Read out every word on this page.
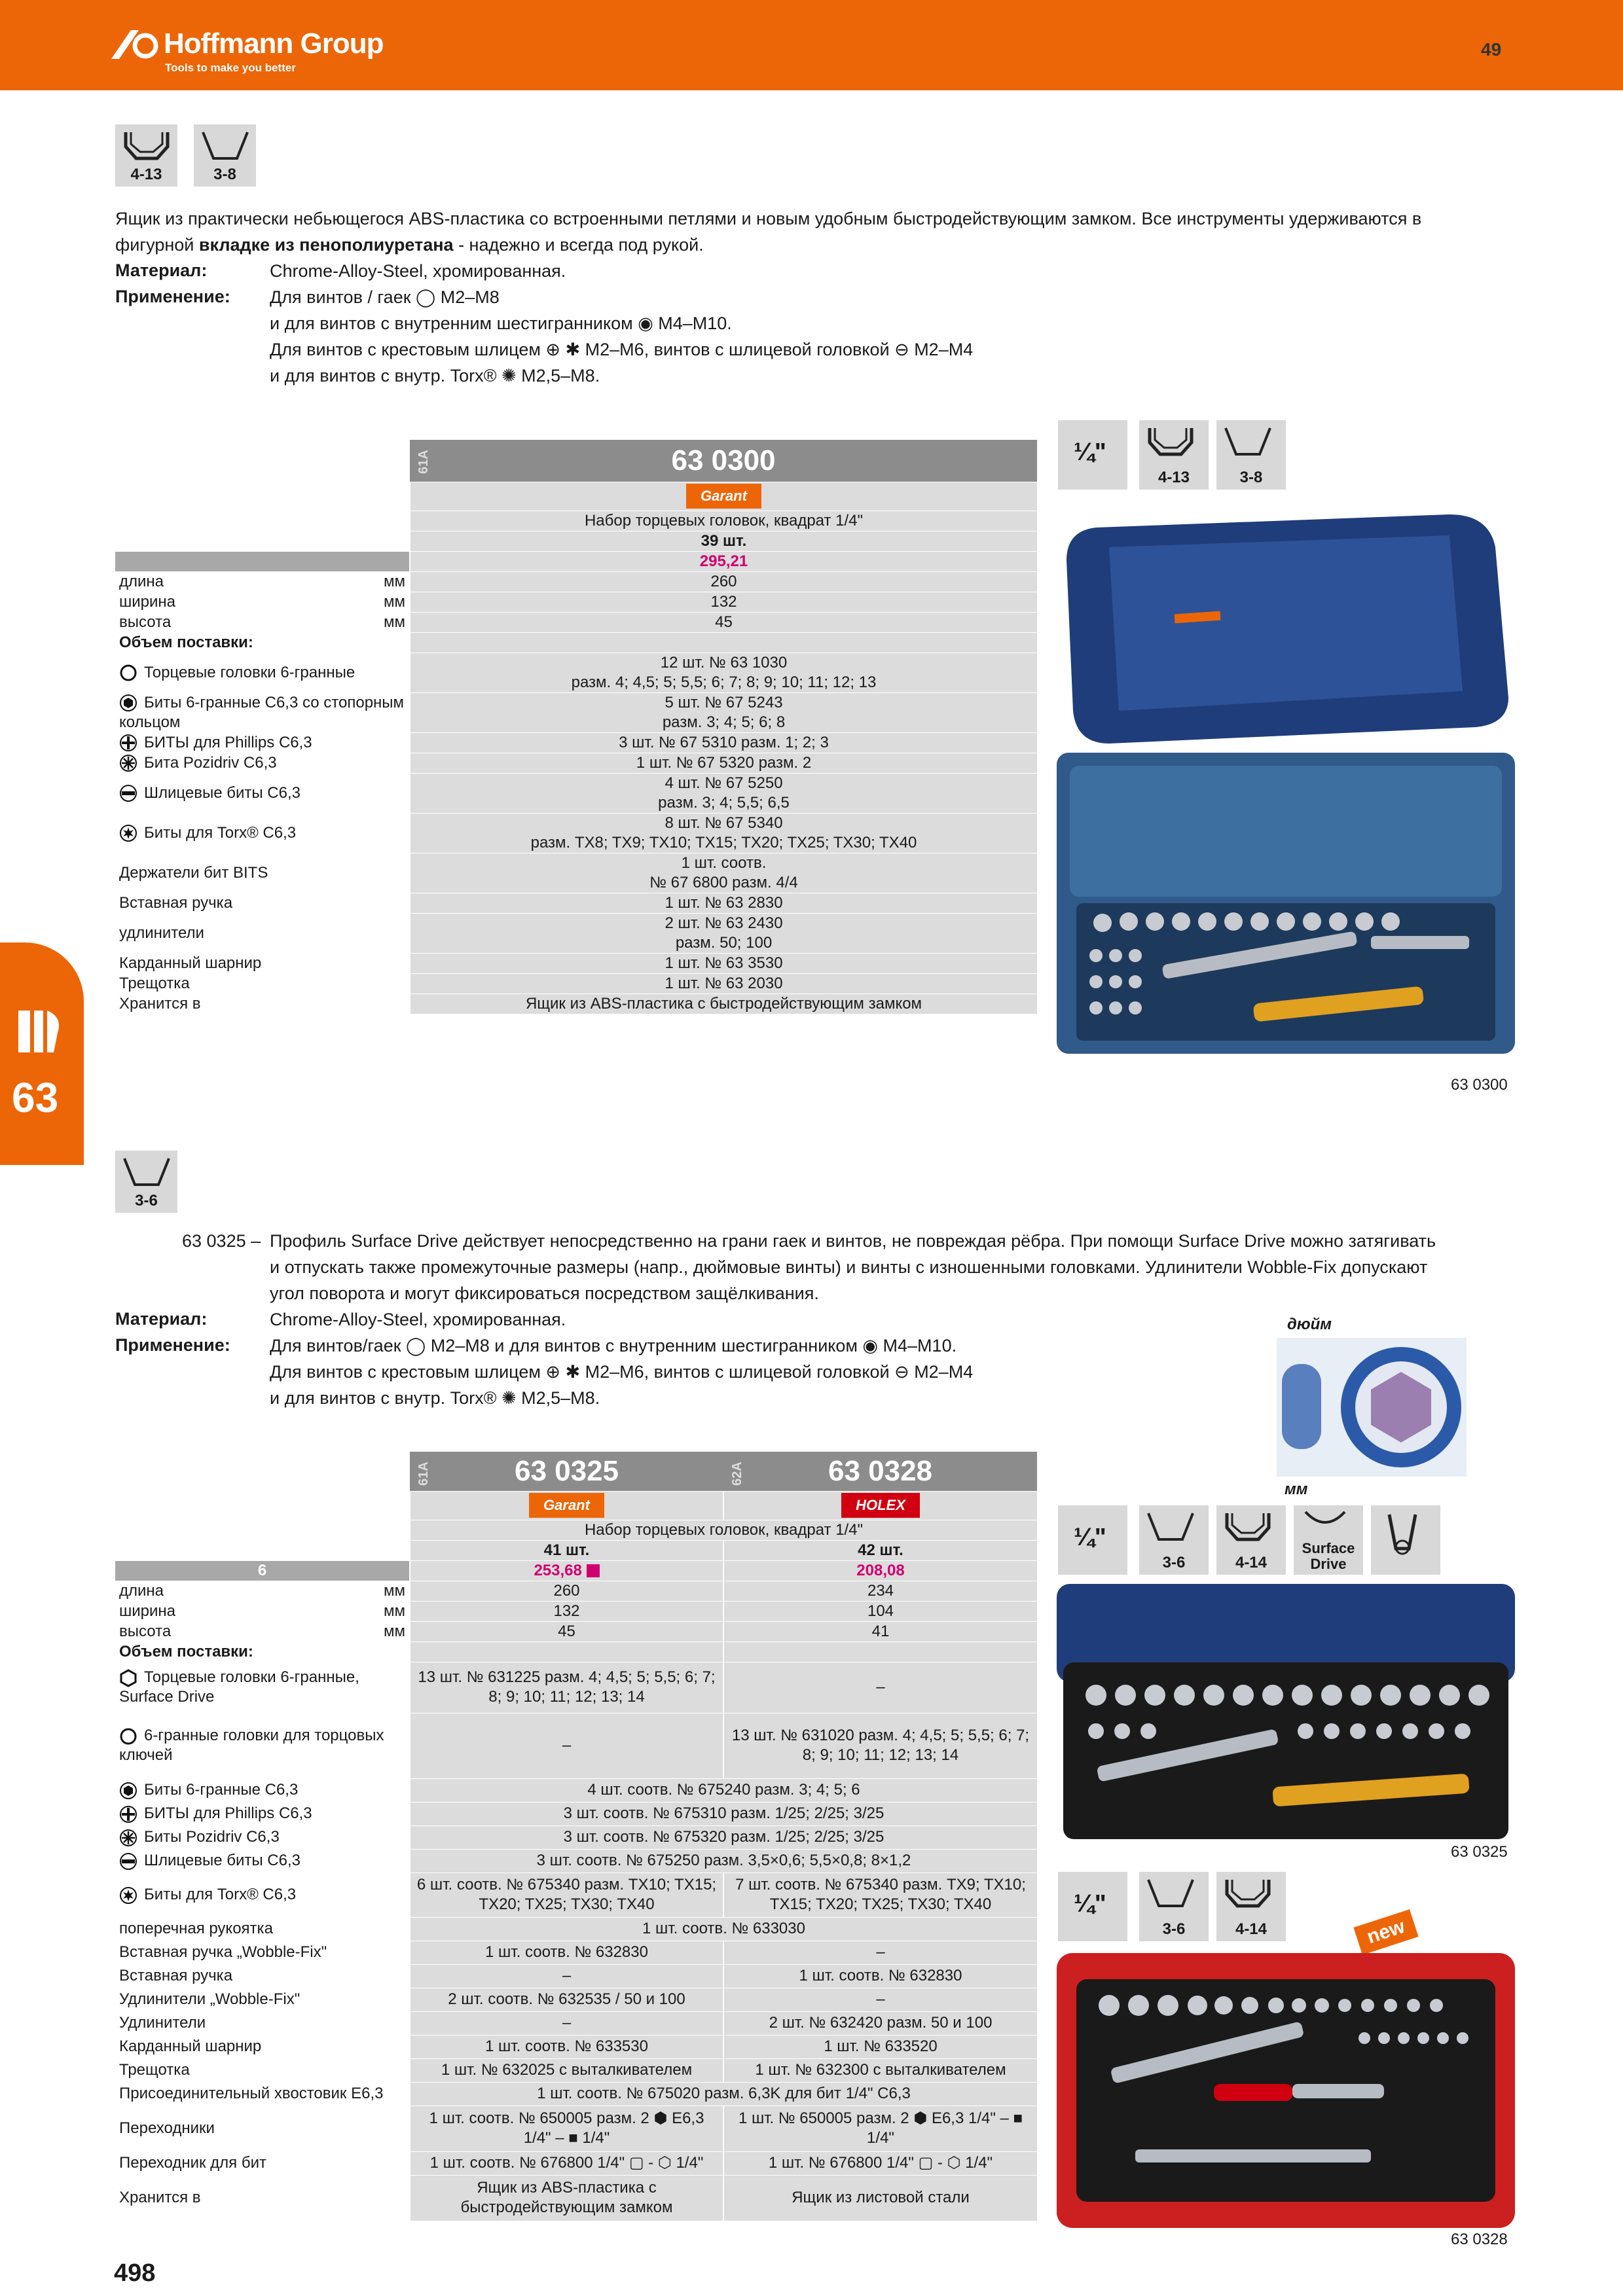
Hoffmann Group
Tools to make you better
49	RUE
4-13	3-8
Ящик из практически небьющегося ABS-пластика со встроенными петлями и новым удобным быстродействующим замком. Все инструменты удерживаются в
фигурной вкладке из пенополиуретана - надежно и всегда под рукой.
Материал:	Chrome-Alloy-Steel, хромированная.
Применение: Для винтов / гаек ◯ M2–M8
и для винтов с внутренним шестигранником ◉ M4–M10.
Для винтов с крестовым шлицем ⊕ ✱ M2–M6, винтов с шлицевой головкой ⊖ M2–M4
и для винтов с внутр. Torx® ✺ M2,5–M8.

		61A 63 0300
		Garant
		Набор торцевых головок, квадрат 1/4"
		39 шт.
		295,21
длина	мм	260
ширина	мм	132
высота	мм	45
Объем поставки:		
Торцевые головки 6-гранные		12 шт. № 63 1030
разм. 4; 4,5; 5; 5,5; 6; 7; 8; 9; 10; 11; 12; 13

Биты 6-гранные C6,3 со стопорным кольцом		5 шт. № 67 5243
разм. 3; 4; 5; 6; 8

БИТЫ для Phillips C6,3		3 шт. № 67 5310 разм. 1; 2; 3

Бита Pozidriv C6,3		1 шт. № 67 5320 разм. 2

Шлицевые биты C6,3		4 шт. № 67 5250
разм. 3; 4; 5,5; 6,5

Биты для Torx® C6,3		8 шт. № 67 5340
разм. TX8; TX9; TX10; TX15; TX20; TX25; TX30; TX40

Держатели бит BITS		1 шт. соотв.
№ 67 6800 разм. 4/4

Вставная ручка		1 шт. № 63 2830

удлинители		2 шт. № 63 2430
разм. 50; 100

Карданный шарнир		1 шт. № 63 3530

Трещотка		1 шт. № 63 2030

Хранится в		Ящик из ABS-пластика с быстродействующим замком
¼"
4-13	3-8
63 0300
63
3-6
63 0325 – Профиль Surface Drive действует непосредственно на грани гаек и винтов, не повреждая рёбра. При помощи Surface Drive можно затягивать
и отпускать также промежуточные размеры (напр., дюймовые винты) и винты с изношенными головками. Удлинители Wobble-Fix допускают
угол поворота и могут фиксироваться посредством защёлкивания.
Материал:	Chrome-Alloy-Steel, хромированная.
Применение: Для винтов/гаек ◯ M2–M8 и для винтов с внутренним шестигранником ◉ M4–M10.
Для винтов с крестовым шлицем ⊕ ✱ M2–M6, винтов с шлицевой головкой ⊖ M2–M4
и для винтов с внутр. Torx® ✺ M2,5–M8.
дюйм
мм

		61A 63 0325	62A 63 0328
		Garant	HOLEX
		Набор торцевых головок, квадрат 1/4"	
		41 шт.	42 шт.
6		253,68	208,08
длина	мм	260	234
ширина	мм	132	104
высота	мм	45	41
Объем поставки:			
Торцевые головки 6-гранные, Surface Drive		13 шт. № 631225 разм. 4; 4,5; 5; 5,5; 6; 7; 8; 9; 10; 11; 12; 13; 14	–
6-гранные головки для торцовых ключей		–	13 шт. № 631020 разм. 4; 4,5; 5; 5,5; 6; 7; 8; 9; 10; 11; 12; 13; 14
Биты 6-гранные C6,3		4 шт. соотв. № 675240 разм. 3; 4; 5; 6	
БИТЫ для Phillips C6,3		3 шт. соотв. № 675310 разм. 1/25; 2/25; 3/25	
Биты Pozidriv C6,3		3 шт. соотв. № 675320 разм. 1/25; 2/25; 3/25	
Шлицевые биты C6,3		3 шт. соотв. № 675250 разм. 3,5×0,6; 5,5×0,8; 8×1,2	
Биты для Torx® C6,3		6 шт. соотв. № 675340 разм. TX10; TX15; TX20; TX25; TX30; TX40	7 шт. соотв. № 675340 разм. TX9; TX10; TX15; TX20; TX25; TX30; TX40
поперечная рукоятка		1 шт. соотв. № 633030	
Вставная ручка „Wobble-Fix"		1 шт. соотв. № 632830	–
Вставная ручка		–	1 шт. соотв. № 632830
Удлинители „Wobble-Fix"		2 шт. соотв. № 632535 / 50 и 100	–
Удлинители		–	2 шт. № 632420 разм. 50 и 100
Карданный шарнир		1 шт. соотв. № 633530	1 шт. № 633520
Трещотка		1 шт. № 632025 с выталкивателем	1 шт. № 632300 с выталкивателем
Присоединительный хвостовик E6,3		1 шт. соотв. № 675020 разм. 6,3K для бит 1/4" C6,3	
Переходники		1 шт. соотв. № 650005 разм. 2 ⬢ E6,3 1/4" – ■ 1/4"	1 шт. № 650005 разм. 2 ⬢ E6,3 1/4" – ■ 1/4"
Переходник для бит		1 шт. соотв. № 676800 1/4" ▢ - ⬡ 1/4"	1 шт. № 676800 1/4" ▢ - ⬡ 1/4"
Хранится в		Ящик из ABS-пластика с быстродействующим замком	Ящик из листовой стали
¼"
3-6	4-14
Surface Drive
63 0325
¼"
3-6	4-14	new
63 0328
498
